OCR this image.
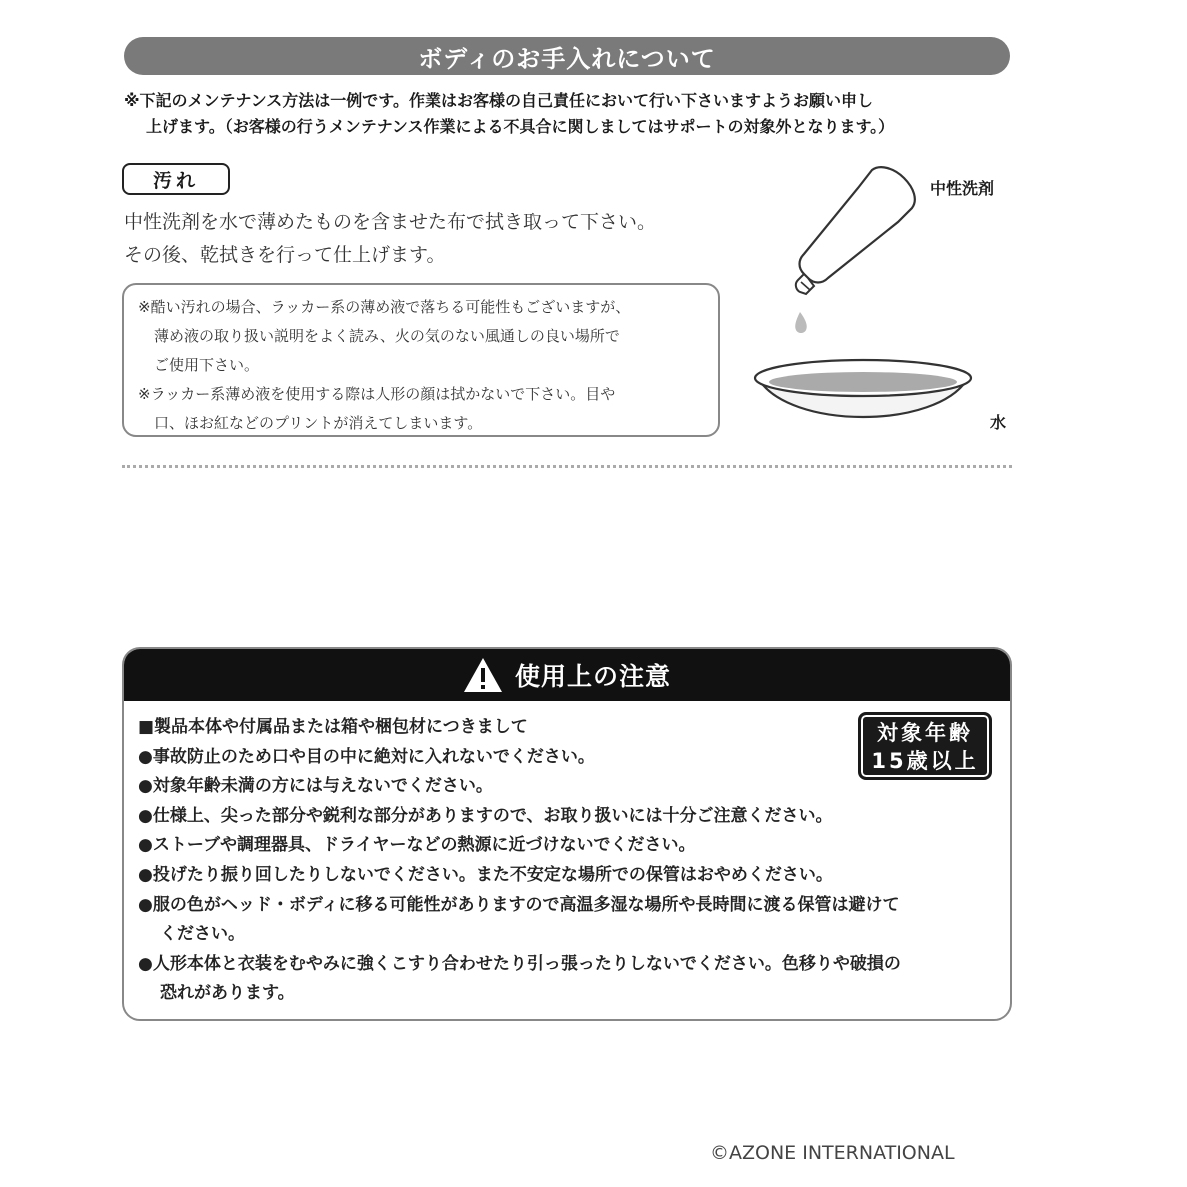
ボディのお手入れについて
※下記のメンテナンス方法は一例です。作業はお客様の自己責任において行い下さいますようお願い申し
上げます。（お客様の行うメンテナンス作業による不具合に関しましてはサポートの対象外となります。）
汚れ
中性洗剤を水で薄めたものを含ませた布で拭き取って下さい。
その後、乾拭きを行って仕上げます。
※酷い汚れの場合、ラッカー系の薄め液で落ちる可能性もございますが、
薄め液の取り扱い説明をよく読み、火の気のない風通しの良い場所で
ご使用下さい。
※ラッカー系薄め液を使用する際は人形の顔は拭かないで下さい。目や
口、ほお紅などのプリントが消えてしまいます。
中性洗剤
水
使用上の注意
■製品本体や付属品または箱や梱包材につきまして
●事故防止のため口や目の中に絶対に入れないでください。
●対象年齢未満の方には与えないでください。
●仕様上、尖った部分や鋭利な部分がありますので、お取り扱いには十分ご注意ください。
●ストーブや調理器具、ドライヤーなどの熱源に近づけないでください。
●投げたり振り回したりしないでください。また不安定な場所での保管はおやめください。
●服の色がヘッド・ボディに移る可能性がありますので高温多湿な場所や長時間に渡る保管は避けて
ください。
●人形本体と衣装をむやみに強くこすり合わせたり引っ張ったりしないでください。色移りや破損の
恐れがあります。
対象年齢
15歳以上
©AZONE INTERNATIONAL
